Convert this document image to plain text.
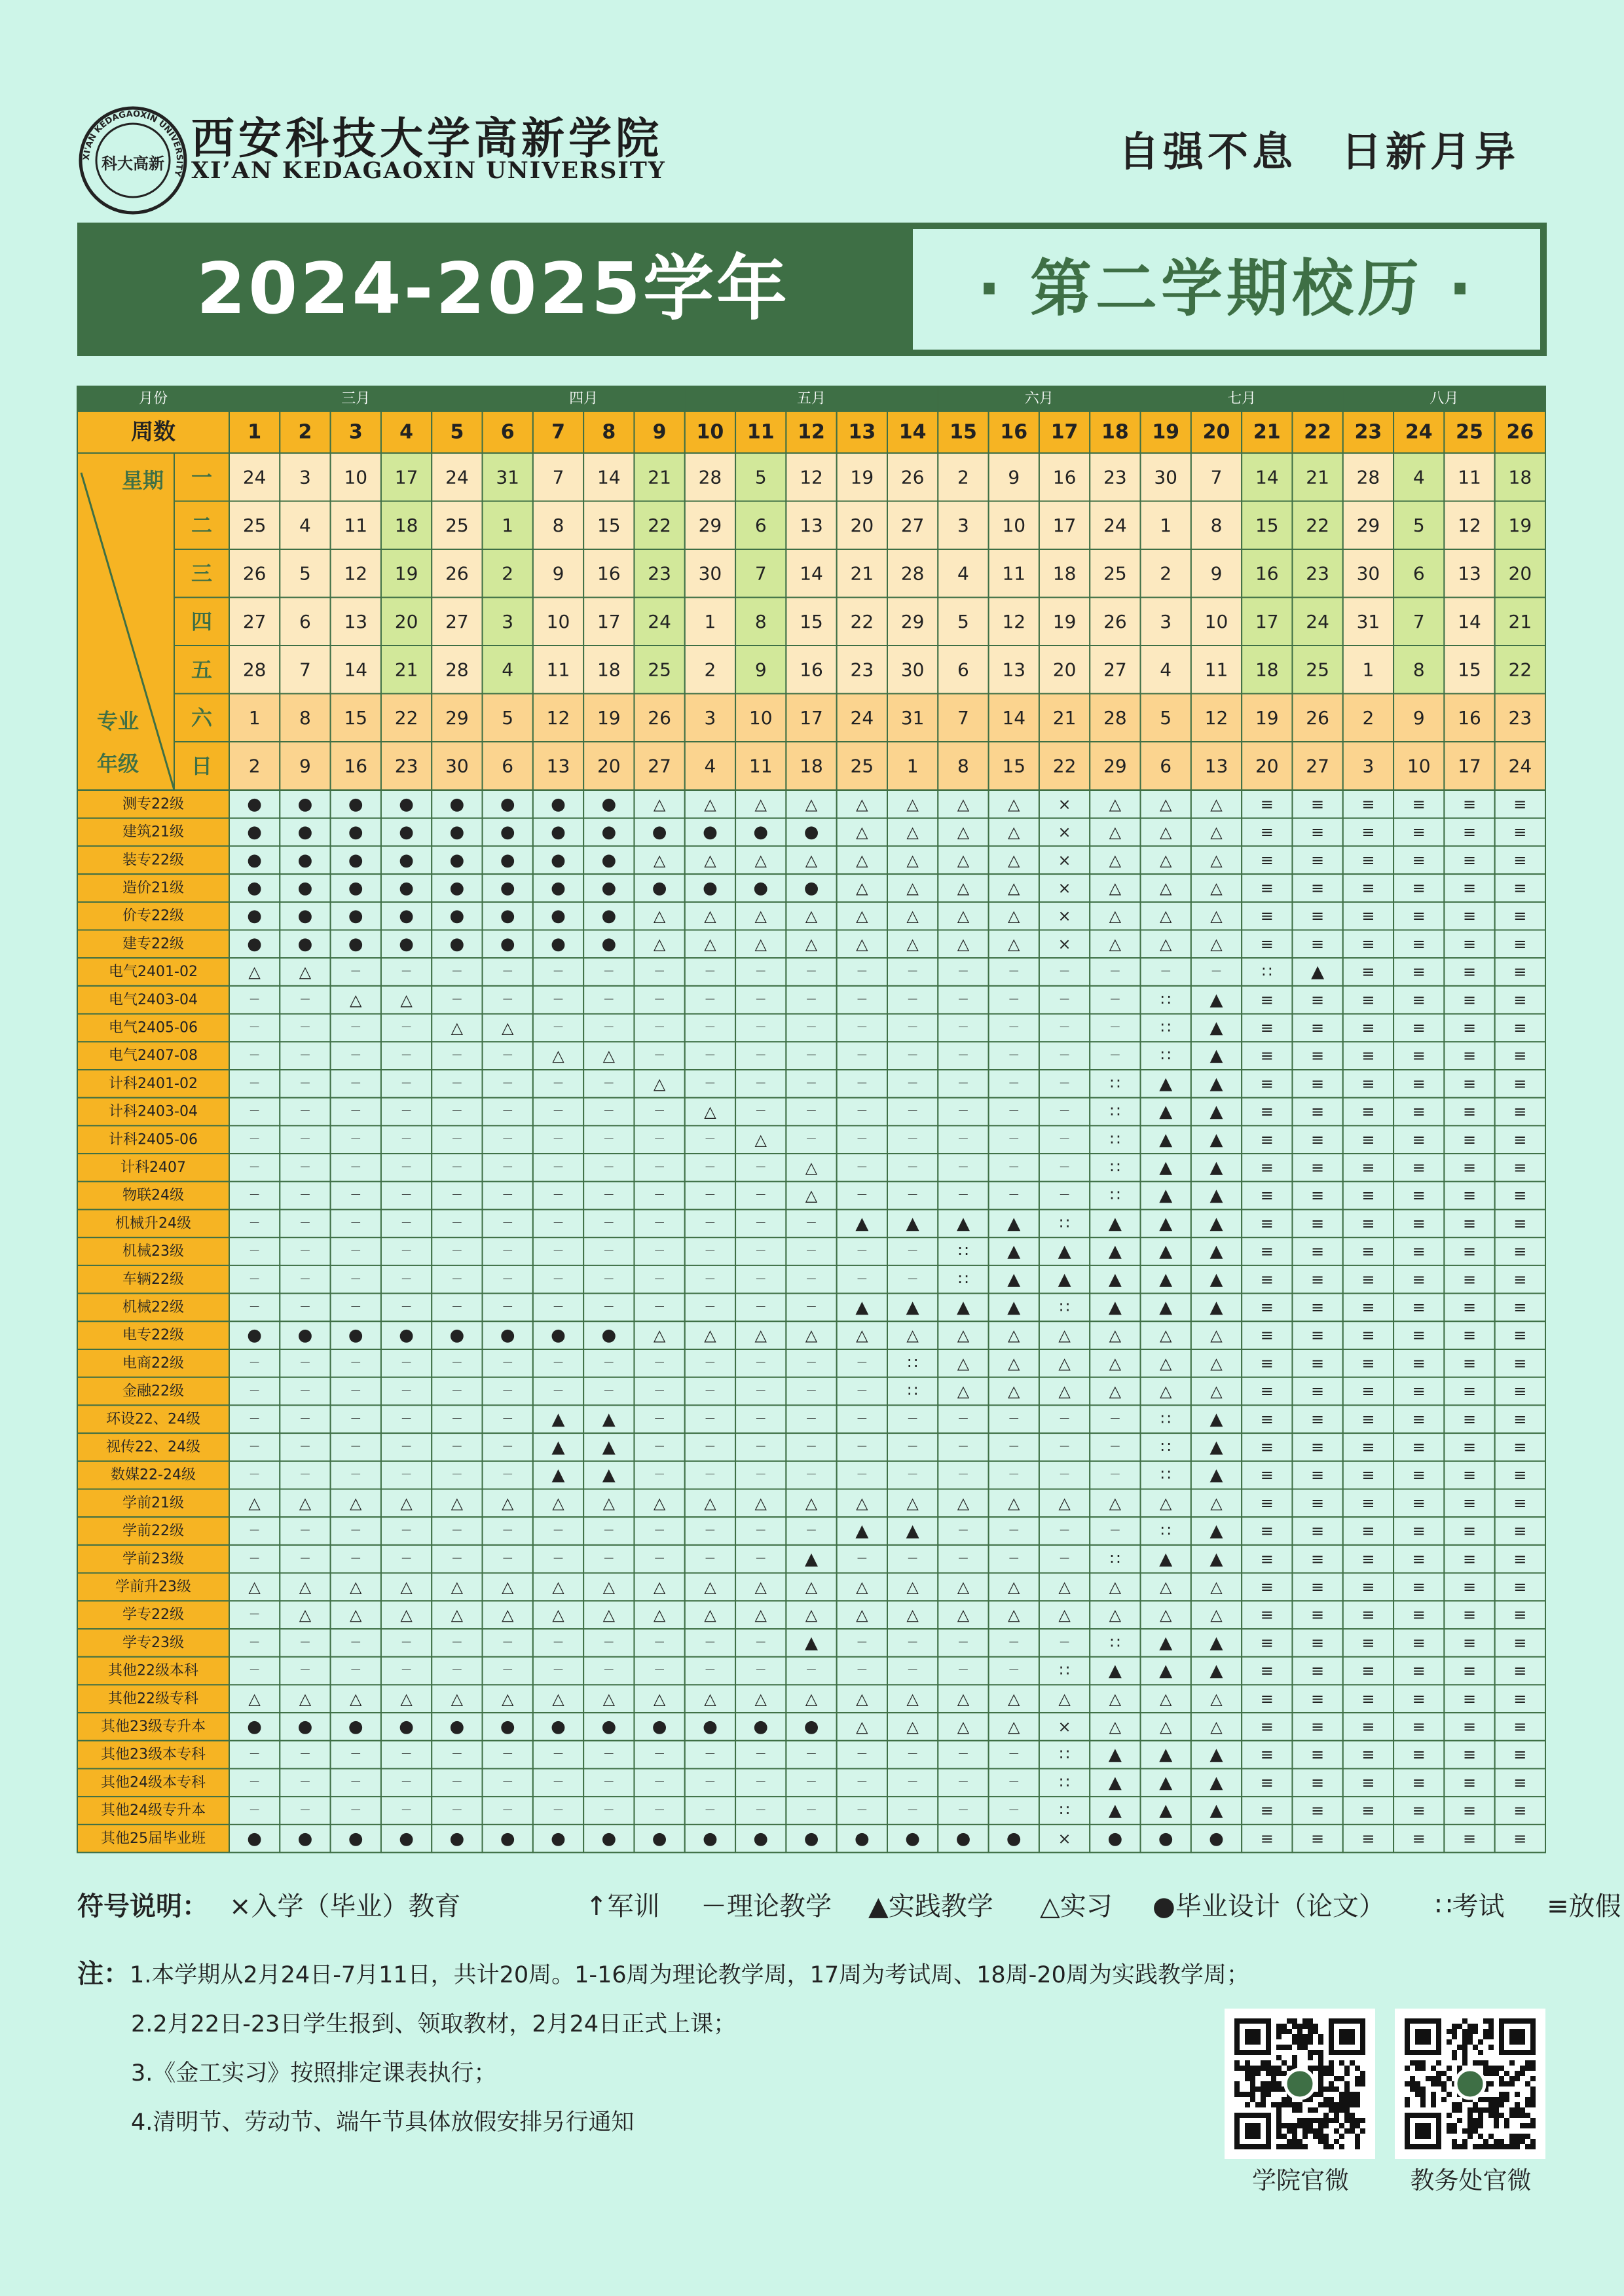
XI'AN KEDAGAOXIN UNIVERSITY
科大高新 西安科技大学高新学院
XI’AN KEDAGAOXIN UNIVERSITY	自强不息　日新月异
2024-2025学年	· 第二学期校历 ·
月份	三月	四月	五月	六月	七月	八月
周数	1 2 3 4 5 6 7 8 9 10 11 12 13 14 15 16 17 18 19 20 21 22 23 24 25 26
星期
专业
年级
一 24 3 10 17 24 31 7 14 21 28 5 12 19 26 2 9 16 23 30 7 14 21 28 4 11 18
二 25 4 11 18 25 1 8 15 22 29 6 13 20 27 3 10 17 24 1 8 15 22 29 5 12 19
三 26 5 12 19 26 2 9 16 23 30 7 14 21 28 4 11 18 25 2 9 16 23 30 6 13 20
四 27 6 13 20 27 3 10 17 24 1 8 15 22 29 5 12 19 26 3 10 17 24 31 7 14 21
五 28 7 14 21 28 4 11 18 25 2 9 16 23 30 6 13 20 27 4 11 18 25 1 8 15 22
六 1 8 15 22 29 5 12 19 26 3 10 17 24 31 7 14 21 28 5 12 19 26 2 9 16 23
日 2 9 16 23 30 6 13 20 27 4 11 18 25 1 8 15 22 29 6 13 20 27 3 10 17 24
测专22级	● ● ● ● ● ● ● ● △ △ △ △ △ △ △ △ × △ △ △ ≡ ≡ ≡ ≡ ≡ ≡
建筑21级	● ● ● ● ● ● ● ● ● ● ● ● △ △ △ △ × △ △ △ ≡ ≡ ≡ ≡ ≡ ≡
装专22级	● ● ● ● ● ● ● ● △ △ △ △ △ △ △ △ × △ △ △ ≡ ≡ ≡ ≡ ≡ ≡
造价21级	● ● ● ● ● ● ● ● ● ● ● ● △ △ △ △ × △ △ △ ≡ ≡ ≡ ≡ ≡ ≡
价专22级	● ● ● ● ● ● ● ● △ △ △ △ △ △ △ △ × △ △ △ ≡ ≡ ≡ ≡ ≡ ≡
建专22级	● ● ● ● ● ● ● ● △ △ △ △ △ △ △ △ × △ △ △ ≡ ≡ ≡ ≡ ≡ ≡
电气2401-02	△ △	－	－	－	－	－	－	－	－	－	－	－	－	－	－	－	－	－	－	∷ ▲ ≡ ≡ ≡ ≡
电气2403-04	－	－ △ △	－	－	－	－	－	－	－	－	－	－	－	－	－	－	∷ ▲ ≡ ≡ ≡ ≡ ≡ ≡
电气2405-06	－	－	－	－ △ △	－	－	－	－	－	－	－	－	－	－	－	－	∷ ▲ ≡ ≡ ≡ ≡ ≡ ≡
电气2407-08	－	－	－	－	－	－ △ △	－	－	－	－	－	－	－	－	－	－	∷ ▲ ≡ ≡ ≡ ≡ ≡ ≡
计科2401-02	－	－	－	－	－	－	－	－ △	－	－	－	－	－	－	－	－	∷ ▲ ▲ ≡ ≡ ≡ ≡ ≡ ≡
计科2403-04	－	－	－	－	－	－	－	－	－ △	－	－	－	－	－	－	－	∷ ▲ ▲ ≡ ≡ ≡ ≡ ≡ ≡
计科2405-06	－	－	－	－	－	－	－	－	－	－ △	－	－	－	－	－	－	∷ ▲ ▲ ≡ ≡ ≡ ≡ ≡ ≡
计科2407	－	－	－	－	－	－	－	－	－	－	－ △	－	－	－	－	－	∷ ▲ ▲ ≡ ≡ ≡ ≡ ≡ ≡
物联24级	－	－	－	－	－	－	－	－	－	－	－ △	－	－	－	－	－	∷ ▲ ▲ ≡ ≡ ≡ ≡ ≡ ≡
机械升24级	－	－	－	－	－	－	－	－	－	－	－	－ ▲ ▲ ▲ ▲ ∷ ▲ ▲ ▲ ≡ ≡ ≡ ≡ ≡ ≡
机械23级	－	－	－	－	－	－	－	－	－	－	－	－	－	－	∷ ▲ ▲ ▲ ▲ ▲ ≡ ≡ ≡ ≡ ≡ ≡
车辆22级	－	－	－	－	－	－	－	－	－	－	－	－	－	－	∷ ▲ ▲ ▲ ▲ ▲ ≡ ≡ ≡ ≡ ≡ ≡
机械22级	－	－	－	－	－	－	－	－	－	－	－	－ ▲ ▲ ▲ ▲ ∷ ▲ ▲ ▲ ≡ ≡ ≡ ≡ ≡ ≡
电专22级	● ● ● ● ● ● ● ● △ △ △ △ △ △ △ △ △ △ △ △ ≡ ≡ ≡ ≡ ≡ ≡
电商22级	－	－	－	－	－	－	－	－	－	－	－	－	－	∷	△ △ △ △ △ △ ≡ ≡ ≡ ≡ ≡ ≡
金融22级	－	－	－	－	－	－	－	－	－	－	－	－	－	∷	△ △ △ △ △ △ ≡ ≡ ≡ ≡ ≡ ≡
环设22、24级	－	－	－	－	－	－ ▲ ▲	－	－	－	－	－	－	－	－	－	－	∷ ▲ ≡ ≡ ≡ ≡ ≡ ≡
视传22、24级	－	－	－	－	－	－ ▲ ▲	－	－	－	－	－	－	－	－	－	－	∷ ▲ ≡ ≡ ≡ ≡ ≡ ≡
数媒22-24级	－	－	－	－	－	－ ▲ ▲	－	－	－	－	－	－	－	－	－	－	∷ ▲ ≡ ≡ ≡ ≡ ≡ ≡
学前21级	△ △ △ △ △ △ △ △ △ △ △ △ △ △ △ △ △ △ △ △ ≡ ≡ ≡ ≡ ≡ ≡
学前22级	－	－	－	－	－	－	－	－	－	－	－	－ ▲ ▲	－	－	－	－	∷ ▲ ≡ ≡ ≡ ≡ ≡ ≡
学前23级	－	－	－	－	－	－	－	－	－	－	－ ▲	－	－	－	－	－	∷ ▲ ▲ ≡ ≡ ≡ ≡ ≡ ≡
学前升23级	△ △ △ △ △ △ △ △ △ △ △ △ △ △ △ △ △ △ △ △ ≡ ≡ ≡ ≡ ≡ ≡
学专22级	－ △ △ △ △ △ △ △ △ △ △ △ △ △ △ △ △ △ △ △ ≡ ≡ ≡ ≡ ≡ ≡
学专23级	－	－	－	－	－	－	－	－	－	－	－ ▲	－	－	－	－	－	∷ ▲ ▲ ≡ ≡ ≡ ≡ ≡ ≡
其他22级本科	－	－	－	－	－	－	－	－	－	－	－	－	－	－	－	－	∷ ▲ ▲ ▲ ≡ ≡ ≡ ≡ ≡ ≡
其他22级专科	△ △ △ △ △ △ △ △ △ △ △ △ △ △ △ △ △ △ △ △ ≡ ≡ ≡ ≡ ≡ ≡
其他23级专升本 ● ● ● ● ● ● ● ● ● ● ● ● △ △ △ △ × △ △ △ ≡ ≡ ≡ ≡ ≡ ≡
其他23级本专科	－	－	－	－	－	－	－	－	－	－	－	－	－	－	－	－	∷ ▲ ▲ ▲ ≡ ≡ ≡ ≡ ≡ ≡
其他24级本专科	－	－	－	－	－	－	－	－	－	－	－	－	－	－	－	－	∷ ▲ ▲ ▲ ≡ ≡ ≡ ≡ ≡ ≡
其他24级专升本	－	－	－	－	－	－	－	－	－	－	－	－	－	－	－	－	∷ ▲ ▲ ▲ ≡ ≡ ≡ ≡ ≡ ≡
其他25届毕业班 ● ● ● ● ● ● ● ● ● ● ● ● ● ● ● ● × ● ● ● ≡ ≡ ≡ ≡ ≡ ≡
符号说明： ×入学（毕业）教育	↑军训 －理论教学 ▲实践教学 △实习 ●毕业设计（论文） ∷考试 ≡放假
注：1.本学期从2月24日-7月11日，共计20周。1-16周为理论教学周，17周为考试周、18周-20周为实践教学周；
2.2月22日-23日学生报到、领取教材，2月24日正式上课；
3.《金工实习》按照排定课表执行；
4.清明节、劳动节、端午节具体放假安排另行通知
学院官微	教务处官微
